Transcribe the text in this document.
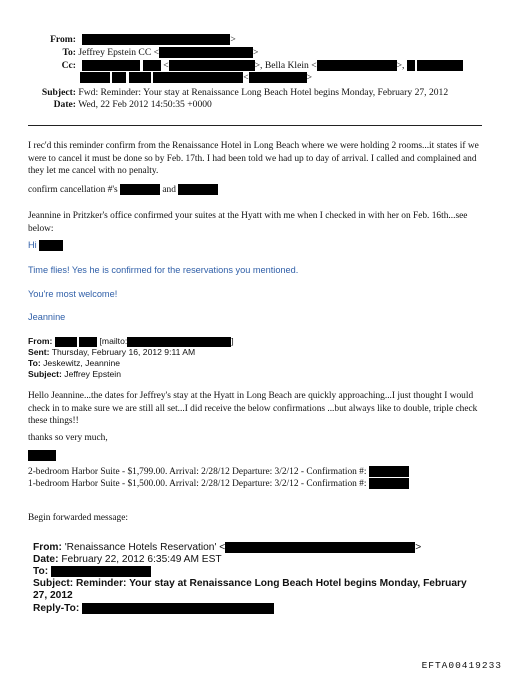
From:	>
To: Jeffrey Epstein CC <	>
Cc:	<	>, Bella Klein <	>,
<	>
Subject: Fwd: Reminder: Your stay at Renaissance Long Beach Hotel begins Monday, February 27, 2012
Date: Wed, 22 Feb 2012 14:50:35 +0000
I rec'd this reminder confirm from the Renaissance Hotel in Long Beach where we were holding 2 rooms...it states if we were to cancel it must be done so by Feb. 17th. I had been told we had up to day of arrival. I called and complained and they let me cancel with no penalty.
confirm cancellation #'s	and
Jeannine in Pritzker's office confirmed your suites at the Hyatt with me when I checked in with her on Feb. 16th...see below:
Hi
Time flies! Yes he is confirmed for the reservations you mentioned.
You're most welcome!
Jeannine
From:	[mailto:	]
Sent: Thursday, February 16, 2012 9:11 AM
To: Jeskewitz, Jeannine
Subject: Jeffrey Epstein
Hello Jeannine...the dates for Jeffrey's stay at the Hyatt in Long Beach are quickly approaching...I just thought I would check in to make sure we are still all set...I did receive the below confirmations ...but always like to double, triple check these things!!
thanks so very much,
2-bedroom Harbor Suite - $1,799.00. Arrival: 2/28/12 Departure: 3/2/12 - Confirmation #:
1-bedroom Harbor Suite - $1,500.00. Arrival: 2/28/12 Departure: 3/2/12 - Confirmation #:
Begin forwarded message:
From: 'Renaissance Hotels Reservation' <	>
Date: February 22, 2012 6:35:49 AM EST
To:
Subject: Reminder: Your stay at Renaissance Long Beach Hotel begins Monday, February 27, 2012
Reply-To:
EFTA00419233
